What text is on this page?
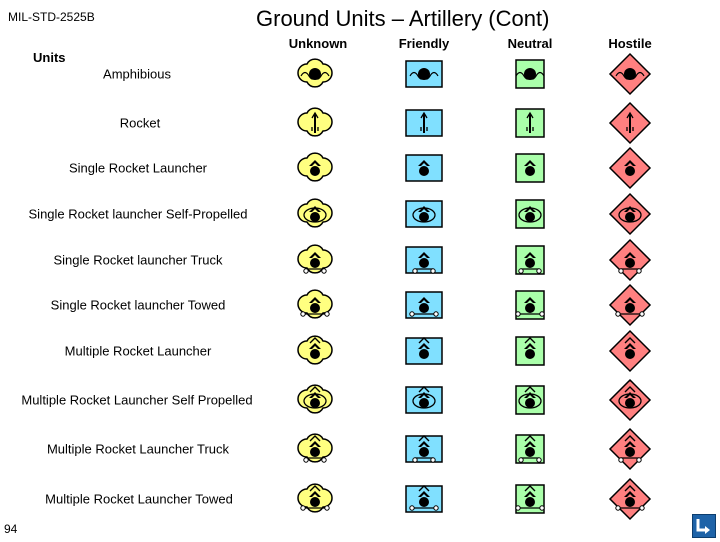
MIL-STD-2525B	Ground Units – Artillery (Cont)
Unknown	Friendly	Neutral	Hostile
Units
Amphibious
Rocket
Single Rocket Launcher
Single Rocket launcher Self-Propelled
Single Rocket launcher Truck
Single Rocket launcher Towed
Multiple Rocket Launcher
Multiple Rocket Launcher Self Propelled
Multiple Rocket Launcher Truck
Multiple Rocket Launcher Towed
94
